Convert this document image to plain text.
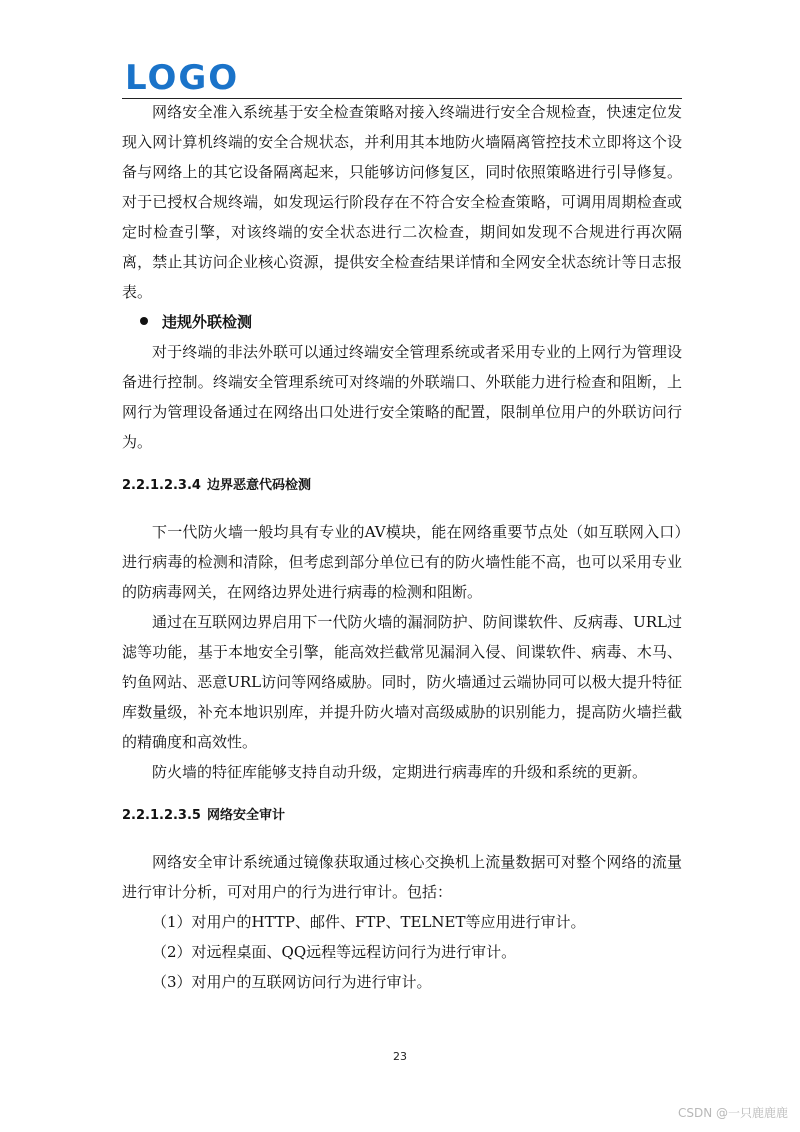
LOGO

网络安全准入系统基于安全检查策略对接入终端进行安全合规检查，快速定位发现入网计算机终端的安全合规状态，并利用其本地防火墙隔离管控技术立即将这个设备与网络上的其它设备隔离起来，只能够访问修复区，同时依照策略进行引导修复。对于已授权合规终端，如发现运行阶段存在不符合安全检查策略，可调用周期检查或定时检查引擎，对该终端的安全状态进行二次检查，期间如发现不合规进行再次隔离，禁止其访问企业核心资源，提供安全检查结果详情和全网安全状态统计等日志报表。

违规外联检测

对于终端的非法外联可以通过终端安全管理系统或者采用专业的上网行为管理设备进行控制。终端安全管理系统可对终端的外联端口、外联能力进行检查和阻断，上网行为管理设备通过在网络出口处进行安全策略的配置，限制单位用户的外联访问行为。

2.2.1.2.3.4 边界恶意代码检测

下一代防火墙一般均具有专业的AV模块，能在网络重要节点处（如互联网入口）进行病毒的检测和清除，但考虑到部分单位已有的防火墙性能不高，也可以采用专业的防病毒网关，在网络边界处进行病毒的检测和阻断。

通过在互联网边界启用下一代防火墙的漏洞防护、防间谍软件、反病毒、URL过滤等功能，基于本地安全引擎，能高效拦截常见漏洞入侵、间谍软件、病毒、木马、钓鱼网站、恶意URL访问等网络威胁。同时，防火墙通过云端协同可以极大提升特征库数量级，补充本地识别库，并提升防火墙对高级威胁的识别能力，提高防火墙拦截的精确度和高效性。

防火墙的特征库能够支持自动升级，定期进行病毒库的升级和系统的更新。

2.2.1.2.3.5 网络安全审计

网络安全审计系统通过镜像获取通过核心交换机上流量数据可对整个网络的流量进行审计分析，可对用户的行为进行审计。包括：

（1）对用户的HTTP、邮件、FTP、TELNET等应用进行审计。

（2）对远程桌面、QQ远程等远程访问行为进行审计。

（3）对用户的互联网访问行为进行审计。

23
CSDN @一只鹿鹿鹿
